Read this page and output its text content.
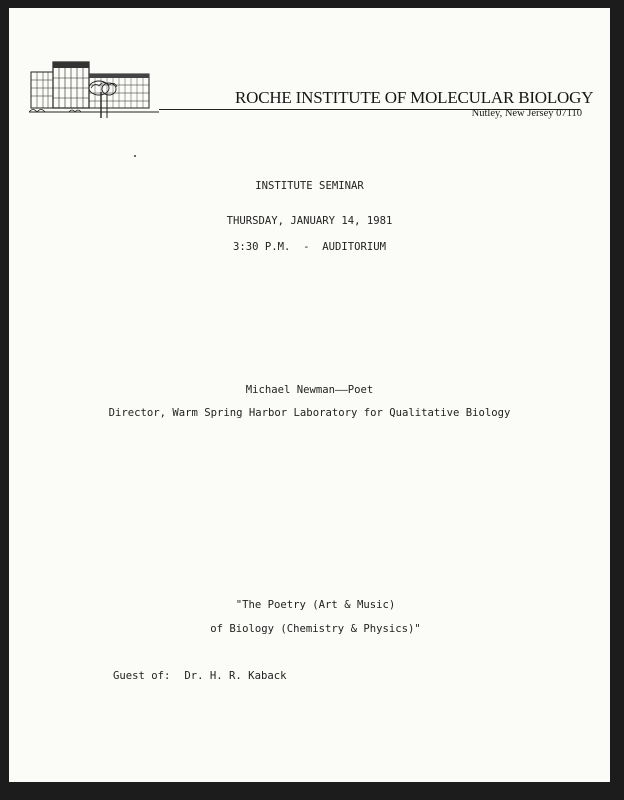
ROCHE INSTITUTE OF MOLECULAR BIOLOGY
Nutley, New Jersey 07110
INSTITUTE SEMINAR
THURSDAY, JANUARY 14, 1981
3:30 P.M.  -  AUDITORIUM
Michael Newman——Poet
Director, Warm Spring Harbor Laboratory for Qualitative Biology
"The Poetry (Art & Music)
of Biology (Chemistry & Physics)"
Guest of: Dr. H. R. Kaback
